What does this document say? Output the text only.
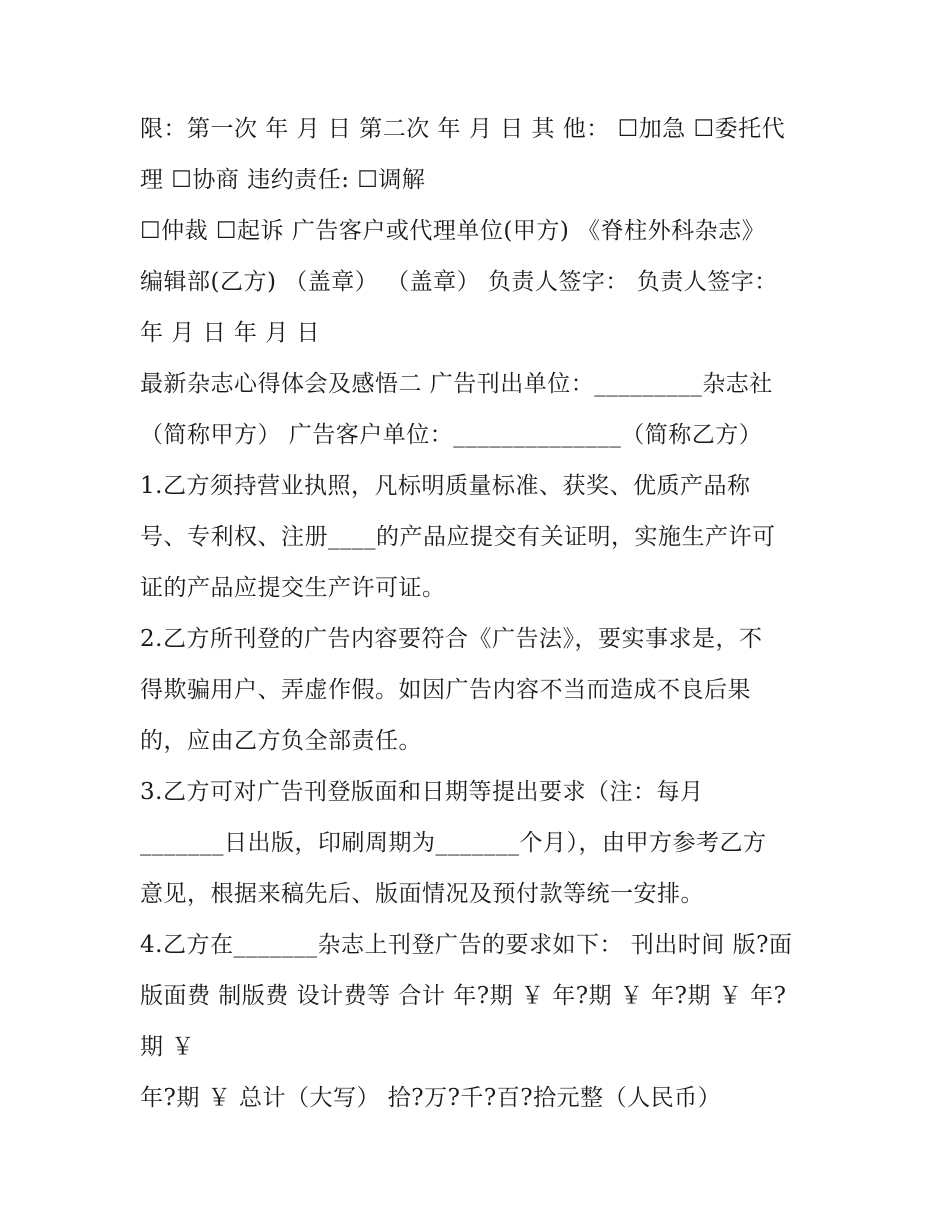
限：第一次 年 月 日 第二次 年 月 日 其 他： ☐加急 ☐委托代
理 ☐协商 违约责任: ☐调解
☐仲裁 ☐起诉 广告客户或代理单位(甲方) 《脊柱外科杂志》
编辑部(乙方) （盖章） （盖章） 负责人签字： 负责人签字：
年 月 日 年 月 日
最新杂志心得体会及感悟二 广告刊出单位：_________杂志社
（简称甲方） 广告客户单位：______________（简称乙方）
1.乙方须持营业执照，凡标明质量标准、获奖、优质产品称
号、专利权、注册____的产品应提交有关证明，实施生产许可
证的产品应提交生产许可证。
2.乙方所刊登的广告内容要符合《广告法》，要实事求是，不
得欺骗用户、弄虚作假。如因广告内容不当而造成不良后果
的，应由乙方负全部责任。
3.乙方可对广告刊登版面和日期等提出要求（注：每月
_______日出版，印刷周期为_______个月），由甲方参考乙方
意见，根据来稿先后、版面情况及预付款等统一安排。
4.乙方在_______杂志上刊登广告的要求如下： 刊出时间 版?面
版面费 制版费 设计费等 合计 年?期 ￥ 年?期 ￥ 年?期 ￥ 年?
期 ￥
年?期 ￥ 总计（大写） 拾?万?千?百?拾元整（人民币）
